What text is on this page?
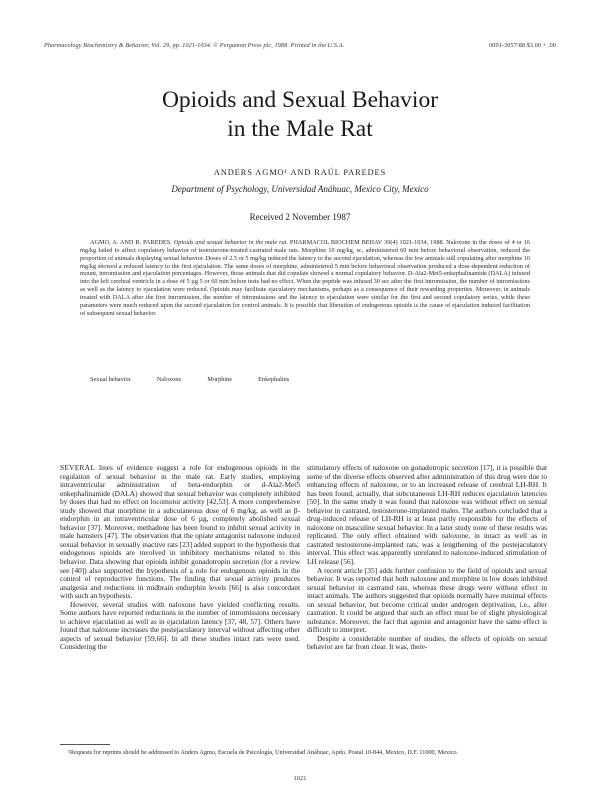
Pharmacology Biochemistry & Behavior, Vol. 29, pp. 1021-1034. © Pergamon Press plc, 1988. Printed in the U.S.A.	0091-3057/88 $3.00 + .00
Opioids and Sexual Behavior
in the Male Rat
ANDERS AGMO¹ AND RAÚL PAREDES
Department of Psychology, Universidad Anáhuac, Mexico City, Mexico
Received 2 November 1987
AGMO, A. AND R. PAREDES. Opioids and sexual behavior in the male rat. PHARMACOL BIOCHEM BEHAV 30(4) 1021-1034, 1988. Naloxone in the doses of 4 or 16 mg/kg failed to affect copulatory behavior of testosterone-treated castrated male rats. Morphine 10 mg/kg, sc, administered 60 min before behavioral observation, reduced the proportion of animals displaying sexual behavior. Doses of 2.5 or 5 mg/kg reduced the latency to the second ejaculation, whereas the few animals still copulating after morphine 10 mg/kg showed a reduced latency to the first ejaculation. The same doses of morphine, administered 5 min before behavioral observation produced a dose-dependent reduction of mount, intromission and ejaculation percentages. However, those animals that did copulate showed a normal copulatory behavior. D-Ala2-Met5-enkephalinamide (DALA) infused into the left cerebral ventricle in a dose of 5 µg 5 or 60 min before tests had no effect. When the peptide was infused 30 sec after the first intromission, the number of intromissions as well as the latency to ejaculation were reduced. Opioids may facilitate ejaculatory mechanisms, perhaps as a consequence of their rewarding properties. Moreover, in animals treated with DALA after the first intromission, the number of intromissions and the latency to ejaculation were similar for the first and second copulatory series, while these parameters were much reduced upon the second ejaculation for control animals. It is possible that liberation of endogenous opioids is the cause of ejaculation induced facilitation of subsequent sexual behavior.
Sexual behavior	Naloxone	Morphine	Enkephalins

SEVERAL lines of evidence suggest a role for endogenous opioids in the regulation of sexual behavior in the male rat. Early studies, employing intraventricular administration of beta-endorphin or d-Ala2-Met5 enkephalinamide (DALA) showed that sexual behavior was completely inhibited by doses that had no effect on locomotor activity [42,53]. A more comprehensive study showed that morphine in a subcutaneous dose of 6 mg/kg, as well as β-endorphin in an intraventricular dose of 6 µg, completely abolished sexual behavior [37]. Moreover, methadone has been found to inhibit sexual activity in male hamsters [47]. The observation that the opiate antagonist naloxone induced sexual behavior in sexually inactive rats [23] added support to the hypothesis that endogenous opioids are involved in inhibitory mechanisms related to this behavior. Data showing that opioids inhibit gonadotropin secretion (for a review see [40]) also supported the hypothesis of a role for endogenous opioids in the control of reproductive functions. The finding that sexual activity produces analgesia and reductions in midbrain endorphin levels [66] is also concordant with such an hypothesis.

However, several studies with naloxone have yielded conflicting results. Some authors have reported reductions in the number of intromissions necessary to achieve ejaculation as well as in ejaculation latency [37, 48, 57]. Others have found that naloxone increases the postejaculatory interval without affecting other aspects of sexual behavior [59,66]. In all these studies intact rats were used. Considering the

stimulatory effects of naloxone on gonadotropic secretion [17], it is possible that some of the diverse effects observed after administration of this drug were due to enhancing effects of naloxone, or to an increased release of cerebral LH-RH. It has been found, actually, that subcutaneous LH-RH reduces ejaculation latencies [50]. In the same study it was found that naloxone was without effect on sexual behavior in castrated, testosterone-implanted males. The authors concluded that a drug-induced release of LH-RH is at least partly responsible for the effects of naloxone on masculine sexual behavior. In a later study none of these results was replicated. The only effect obtained with naloxone, in intact as well as in castrated testosterone-implanted rats, was a lengthening of the postejaculatory interval. This effect was apparently unrelated to naloxone-induced stimulation of LH release [56].

A recent article [35] adds further confusion to the field of opioids and sexual behavior. It was reported that both naloxone and morphine in low doses inhibited sexual behavior in castrated rats, whereas these drugs were without effect in intact animals. The authors suggested that opioids normally have minimal effects on sexual behavior, but become critical under androgen deprivation, i.e., after castration. It could be argued that such an effect must be of slight physiological substance. Moreover, the fact that agonist and antagonist have the same effect is difficult to interpret.

Despite a considerable number of studies, the effects of opioids on sexual behavior are far from clear. It was, there-

¹Requests for reprints should be addressed to Anders Agmo, Escuela de Psicología, Universidad Anáhuac, Apdo. Postal 10-844, Mexico, D.F. 11000, Mexico.
1021
